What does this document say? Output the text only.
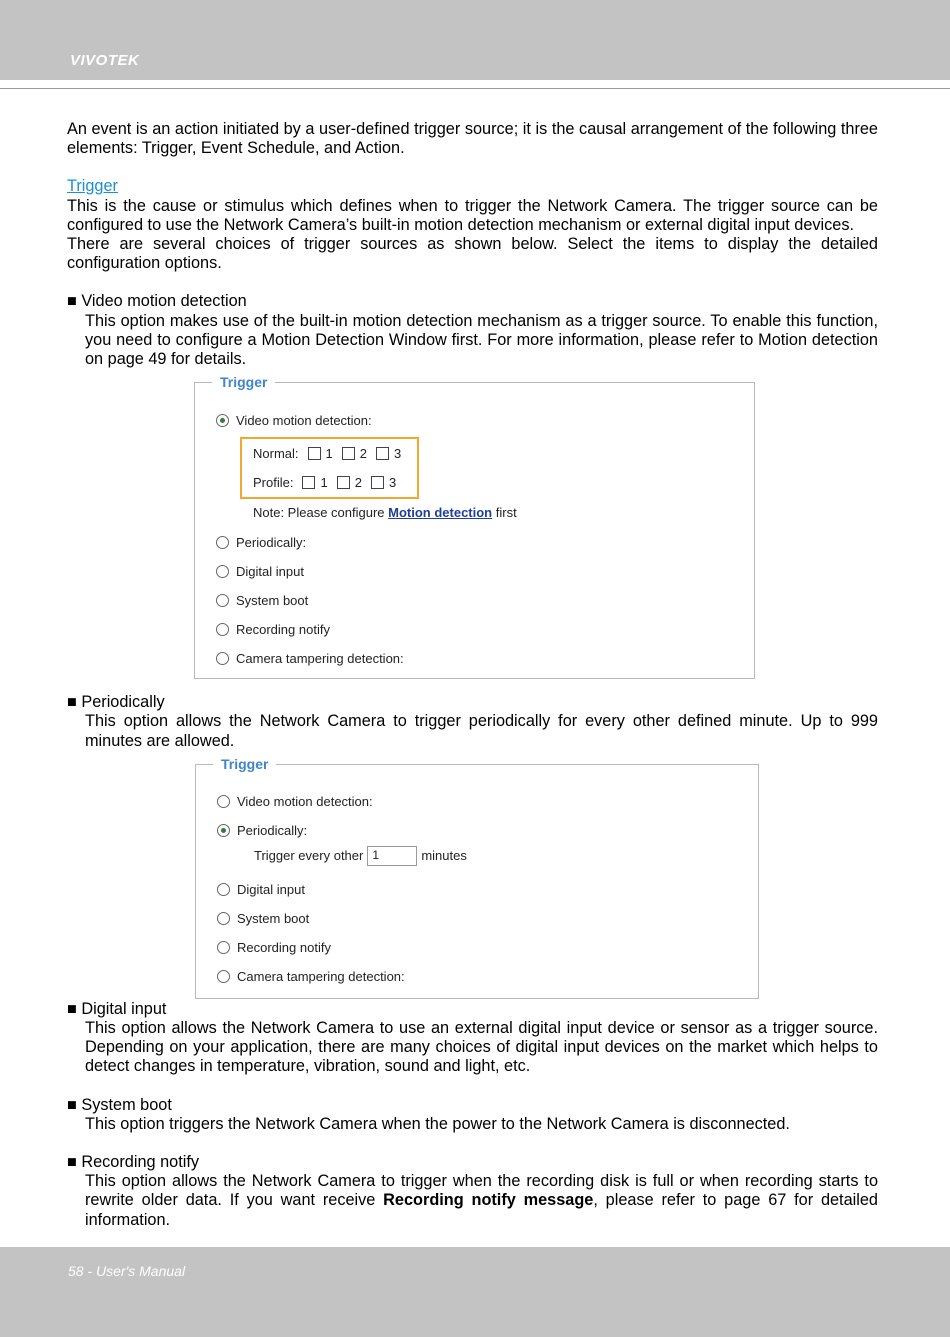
VIVOTEK

An event is an action initiated by a user-defined trigger source; it is the causal arrangement of the following three elements: Trigger, Event Schedule, and Action.

Trigger

This is the cause or stimulus which defines when to trigger the Network Camera. The trigger source can be configured to use the Network Camera’s built-in motion detection mechanism or external digital input devices.

There are several choices of trigger sources as shown below. Select the items to display the detailed configuration options.

■ Video motion detection

This option makes use of the built-in motion detection mechanism as a trigger source. To enable this function, you need to configure a Motion Detection Window first. For more information, please refer to Motion detection on page 49 for details.

Trigger
Video motion detection:
Normal: 1 2 3
Profile: 1 2 3
Note: Please configure Motion detection first
Periodically:
Digital input
System boot
Recording notify
Camera tampering detection:

■ Periodically

This option allows the Network Camera to trigger periodically for every other defined minute. Up to 999 minutes are allowed.

Trigger
Video motion detection:
Periodically:
Trigger every other 1	minutes
Digital input
System boot
Recording notify
Camera tampering detection:

■ Digital input

This option allows the Network Camera to use an external digital input device or sensor as a trigger source. Depending on your application, there are many choices of digital input devices on the market which helps to detect changes in temperature, vibration, sound and light, etc.

■ System boot

This option triggers the Network Camera when the power to the Network Camera is disconnected.

■ Recording notify

This option allows the Network Camera to trigger when the recording disk is full or when recording starts to rewrite older data. If you want receive Recording notify message, please refer to page 67 for detailed information.

58 - User's Manual
